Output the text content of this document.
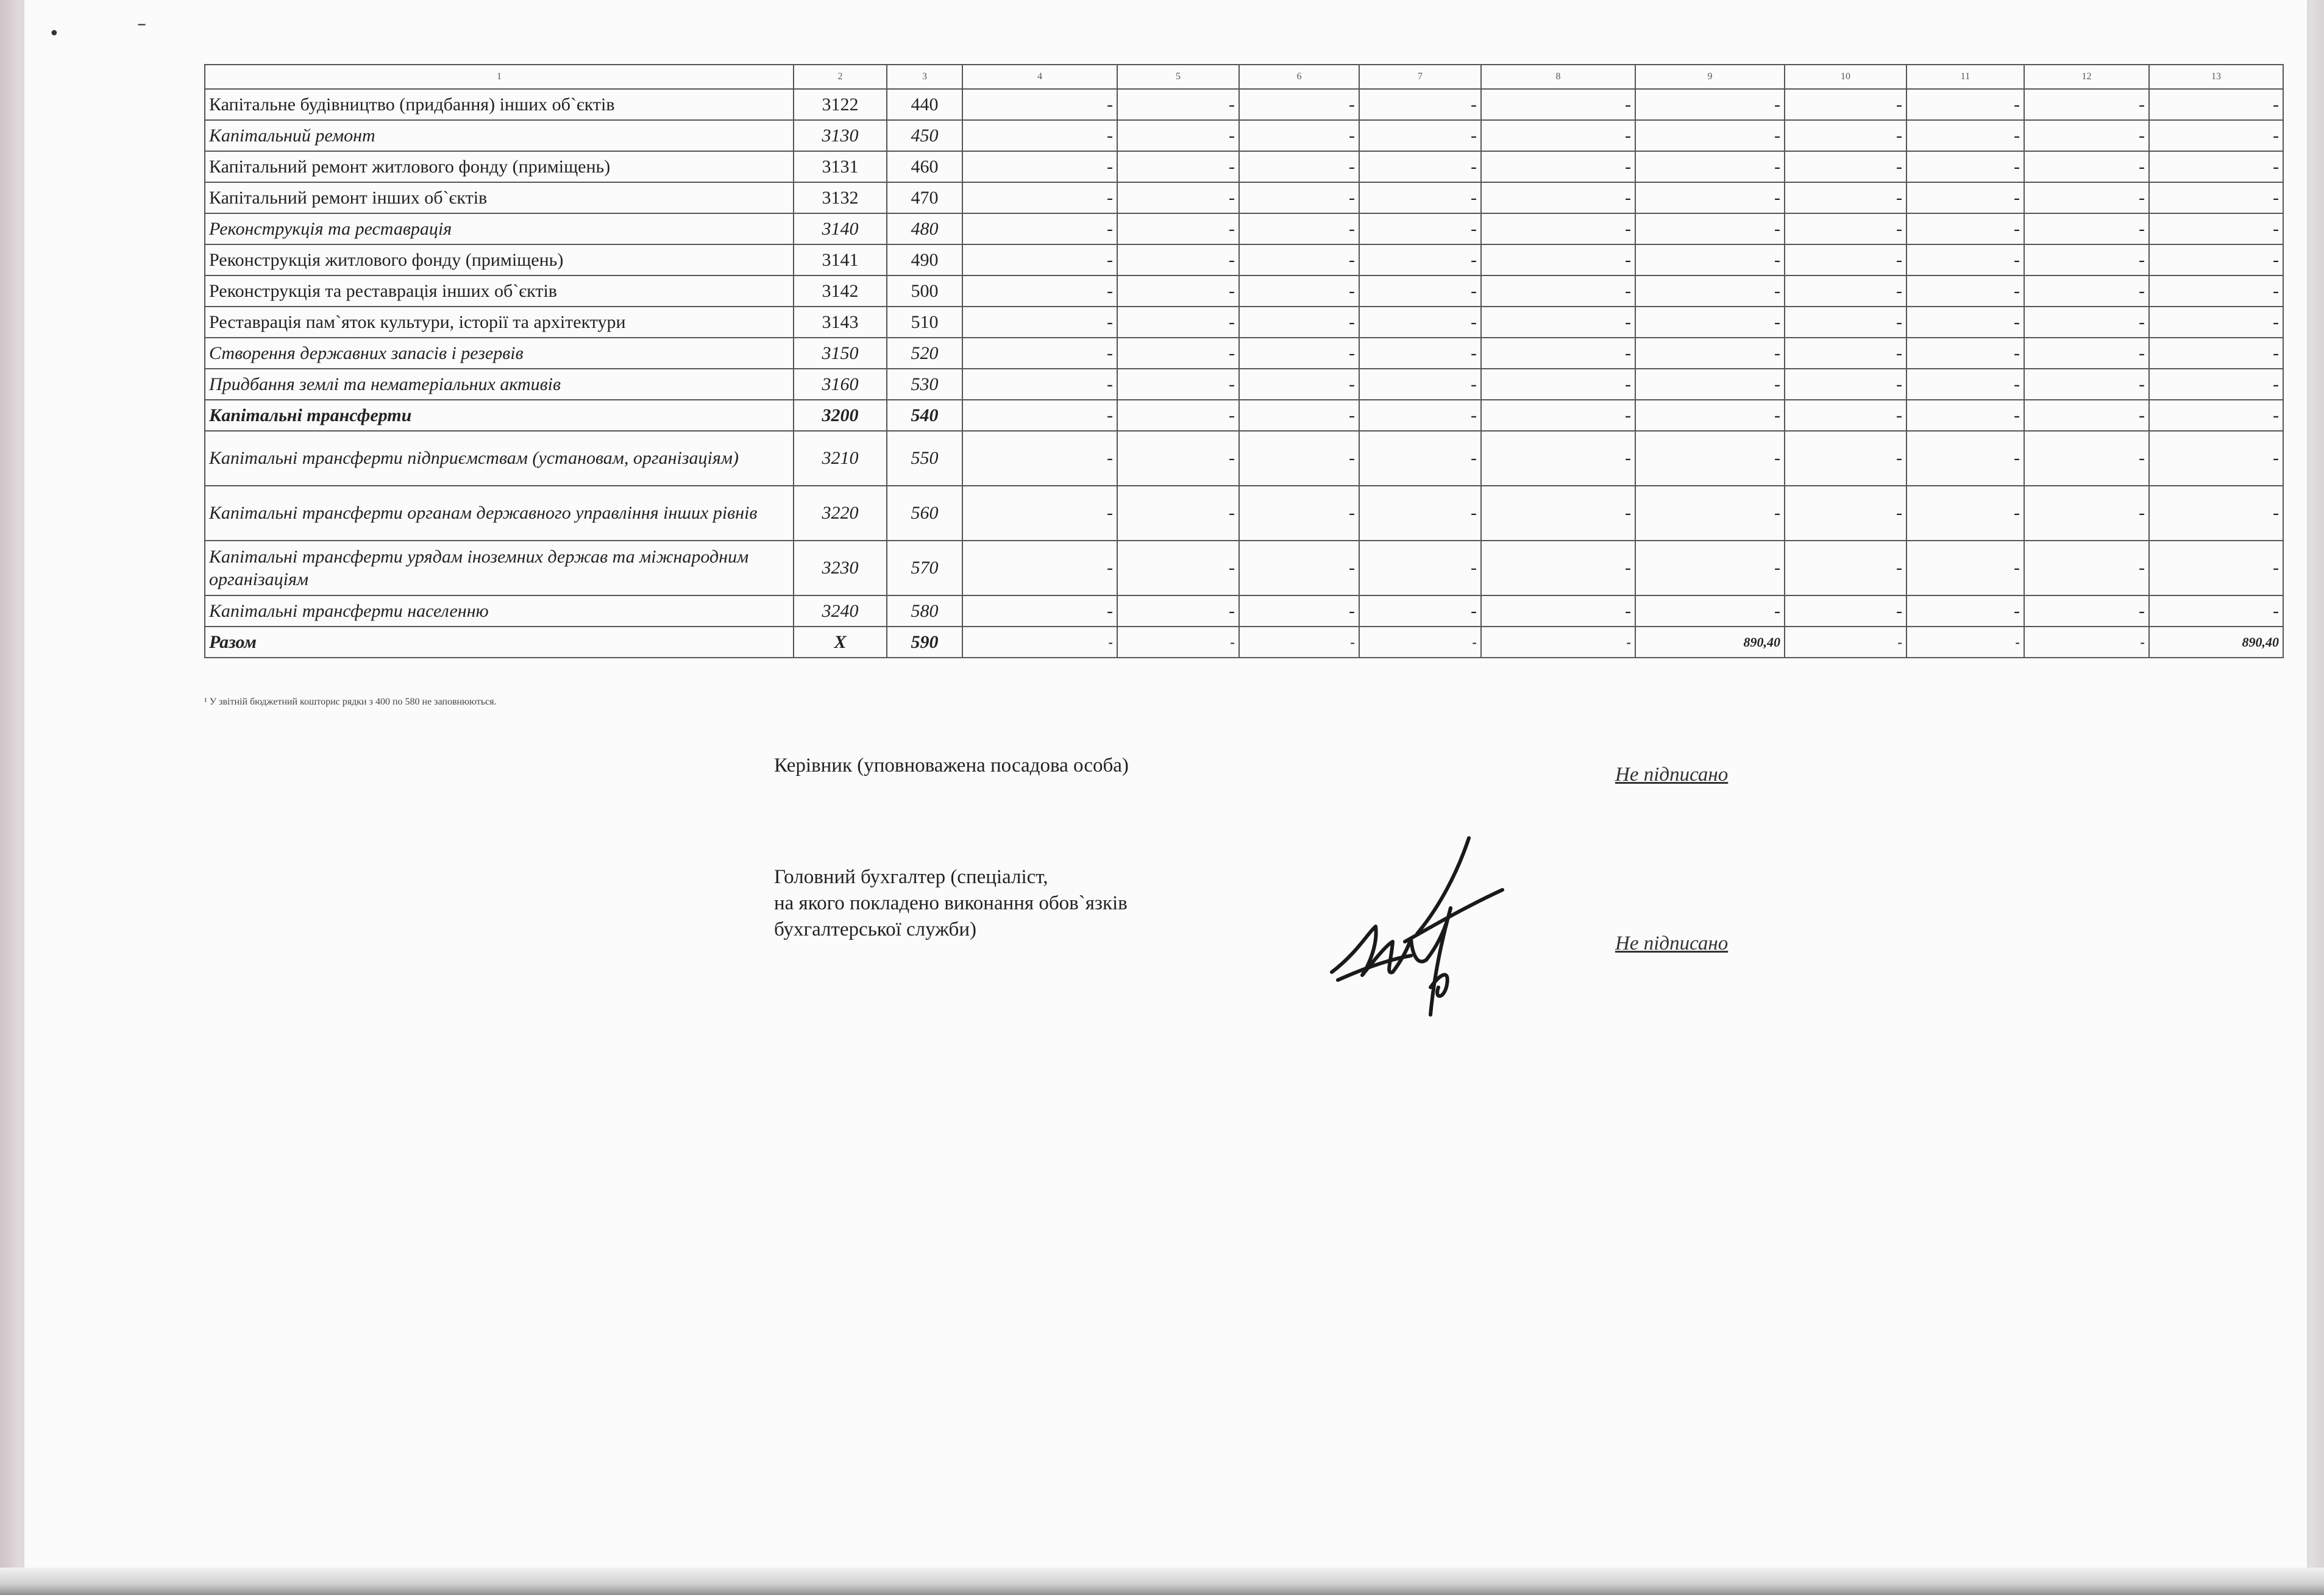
•	–
1	2	3	4	5	6	7	8	9	10	11	12	13
Капітальне будівництво (придбання) інших об`єктів	3122	440	-	-	-	-	-	-	-	-	-	-
Капітальний ремонт	3130	450	-	-	-	-	-	-	-	-	-	-
Капітальний ремонт житлового фонду (приміщень)	3131	460	-	-	-	-	-	-	-	-	-	-
Капітальний ремонт інших об`єктів	3132	470	-	-	-	-	-	-	-	-	-	-
Реконструкція та реставрація	3140	480	-	-	-	-	-	-	-	-	-	-
Реконструкція житлового фонду (приміщень)	3141	490	-	-	-	-	-	-	-	-	-	-
Реконструкція та реставрація інших об`єктів	3142	500	-	-	-	-	-	-	-	-	-	-
Реставрація пам`яток культури, історії та архітектури	3143	510	-	-	-	-	-	-	-	-	-	-
Створення державних запасів і резервів	3150	520	-	-	-	-	-	-	-	-	-	-
Придбання землі та нематеріальних активів	3160	530	-	-	-	-	-	-	-	-	-	-
Капітальні трансферти	3200	540	-	-	-	-	-	-	-	-	-	-
Капітальні трансферти підприємствам (установам, організаціям)	3210	550	-	-	-	-	-	-	-	-	-	-
Капітальні трансферти органам державного управління інших рівнів	3220	560	-	-	-	-	-	-	-	-	-	-
Капітальні трансферти урядам іноземних держав та міжнародним організаціям	3230	570	-	-	-	-	-	-	-	-	-	-
Капітальні трансферти населенню	3240	580	-	-	-	-	-	-	-	-	-	-
Разом	X	590	-	-	-	-	-	890,40	-	-	-	890,40
¹ У звітній бюджетний кошторис рядки з 400 по 580 не заповнюються.
Керівник (уповноважена посадова особа)	Не підписано
Головний бухгалтер (спеціаліст,
на якого покладено виконання обов`язків
бухгалтерської служби)
Не підписано
